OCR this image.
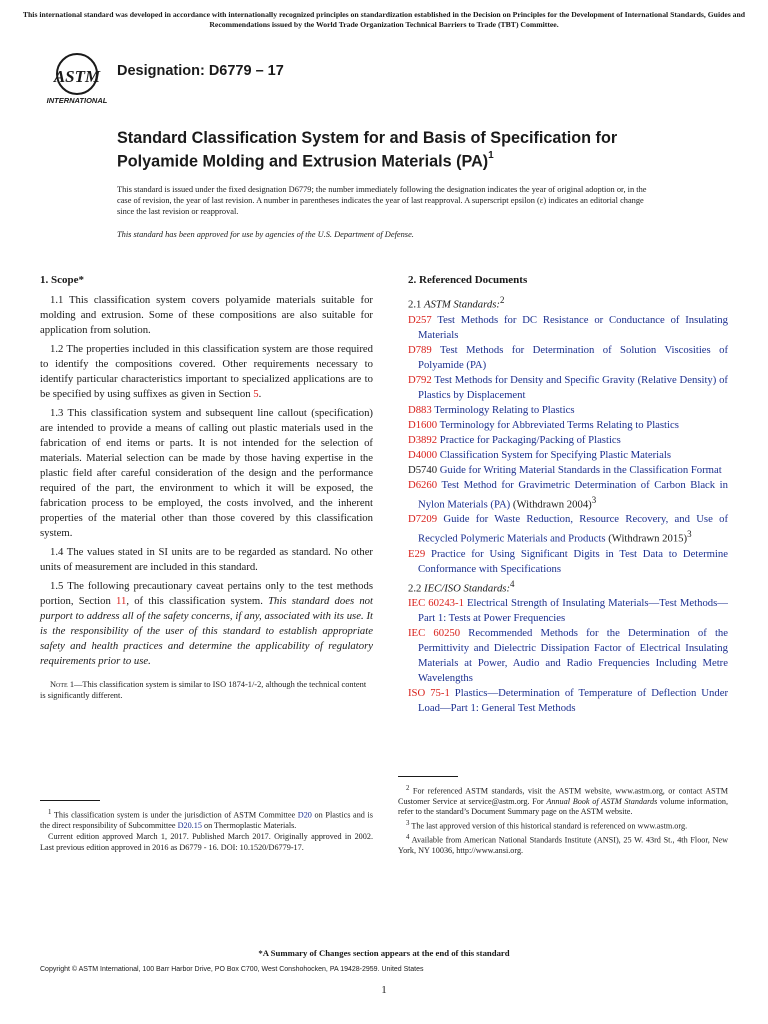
This international standard was developed in accordance with internationally recognized principles on standardization established in the Decision on Principles for the Development of International Standards, Guides and Recommendations issued by the World Trade Organization Technical Barriers to Trade (TBT) Committee.
ASTM
INTERNATIONAL
Designation: D6779 – 17
Standard Classification System for and Basis of Specification for
Polyamide Molding and Extrusion Materials (PA)$^1$
This standard is issued under the fixed designation D6779; the number immediately following the designation indicates the year of original adoption or, in the case of revision, the year of last revision. A number in parentheses indicates the year of last reapproval. A superscript epsilon (ε) indicates an editorial change since the last revision or reapproval.
This standard has been approved for use by agencies of the U.S. Department of Defense.
1. Scope*

1.1 This classification system covers polyamide materials suitable for molding and extrusion. Some of these compositions are also suitable for application from solution.

1.2 The properties included in this classification system are those required to identify the compositions covered. Other requirements necessary to identify particular characteristics important to specialized applications are to be specified by using suffixes as given in Section 5.

1.3 This classification system and subsequent line callout (specification) are intended to provide a means of calling out plastic materials used in the fabrication of end items or parts. It is not intended for the selection of materials. Material selection can be made by those having expertise in the plastic field after careful consideration of the design and the performance required of the part, the environment to which it will be exposed, the fabrication process to be employed, the costs involved, and the inherent properties of the material other than those covered by this classification system.

1.4 The values stated in SI units are to be regarded as standard. No other units of measurement are included in this standard.

1.5 The following precautionary caveat pertains only to the test methods portion, Section 11, of this classification system. This standard does not purport to address all of the safety concerns, if any, associated with its use. It is the responsibility of the user of this standard to establish appropriate safety and health practices and determine the applicability of regulatory requirements prior to use.

Note 1—This classification system is similar to ISO 1874-1/-2, although the technical content is significantly different.

2. Referenced Documents
2.1 ASTM Standards:$^2$
D257 Test Methods for DC Resistance or Conductance of Insulating Materials
D789 Test Methods for Determination of Solution Viscosities of Polyamide (PA)
D792 Test Methods for Density and Specific Gravity (Relative Density) of Plastics by Displacement
D883 Terminology Relating to Plastics
D1600 Terminology for Abbreviated Terms Relating to Plastics
D3892 Practice for Packaging/Packing of Plastics
D4000 Classification System for Specifying Plastic Materials
D5740 Guide for Writing Material Standards in the Classification Format
D6260 Test Method for Gravimetric Determination of Carbon Black in Nylon Materials (PA) (Withdrawn 2004)$^3$
D7209 Guide for Waste Reduction, Resource Recovery, and Use of Recycled Polymeric Materials and Products (Withdrawn 2015)$^3$
E29 Practice for Using Significant Digits in Test Data to Determine Conformance with Specifications
2.2 IEC/ISO Standards:$^4$
IEC 60243-1 Electrical Strength of Insulating Materials—Test Methods—Part 1: Tests at Power Frequencies
IEC 60250 Recommended Methods for the Determination of the Permittivity and Dielectric Dissipation Factor of Electrical Insulating Materials at Power, Audio and Radio Frequencies Including Metre Wavelengths
ISO 75-1 Plastics—Determination of Temperature of Deflection Under Load—Part 1: General Test Methods

$^1$ This classification system is under the jurisdiction of ASTM Committee D20 on Plastics and is the direct responsibility of Subcommittee D20.15 on Thermoplastic Materials.

Current edition approved March 1, 2017. Published March 2017. Originally approved in 2002. Last previous edition approved in 2016 as D6779 - 16. DOI: 10.1520/D6779-17.

$^2$ For referenced ASTM standards, visit the ASTM website, www.astm.org, or contact ASTM Customer Service at service@astm.org. For Annual Book of ASTM Standards volume information, refer to the standard’s Document Summary page on the ASTM website.

$^3$ The last approved version of this historical standard is referenced on www.astm.org.

$^4$ Available from American National Standards Institute (ANSI), 25 W. 43rd St., 4th Floor, New York, NY 10036, http://www.ansi.org.

*A Summary of Changes section appears at the end of this standard
Copyright © ASTM International, 100 Barr Harbor Drive, PO Box C700, West Conshohocken, PA 19428-2959. United States
1
